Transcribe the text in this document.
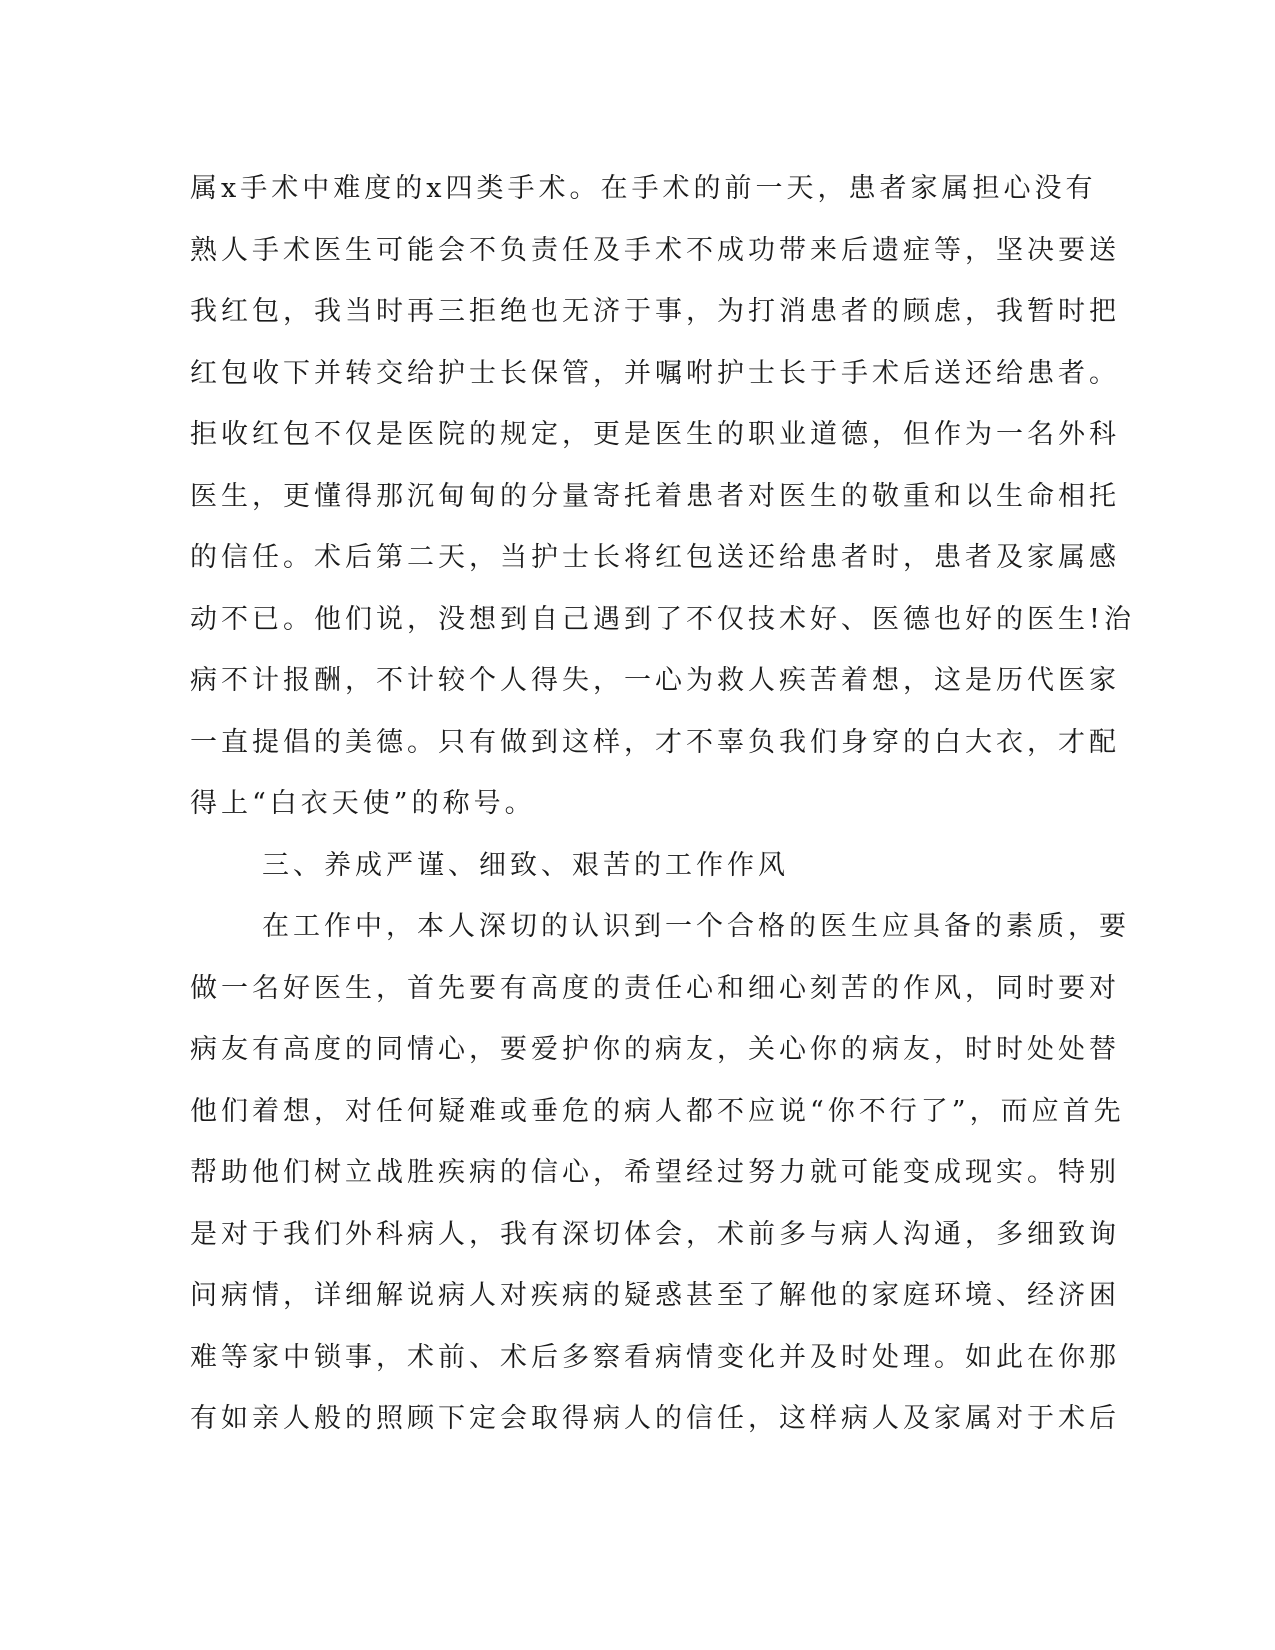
属x手术中难度的x四类手术。在手术的前一天，患者家属担心没有
熟人手术医生可能会不负责任及手术不成功带来后遗症等，坚决要送
我红包，我当时再三拒绝也无济于事，为打消患者的顾虑，我暂时把
红包收下并转交给护士长保管，并嘱咐护士长于手术后送还给患者。
拒收红包不仅是医院的规定，更是医生的职业道德，但作为一名外科
医生，更懂得那沉甸甸的分量寄托着患者对医生的敬重和以生命相托
的信任。术后第二天，当护士长将红包送还给患者时，患者及家属感
动不已。他们说，没想到自己遇到了不仅技术好、医德也好的医生!治
病不计报酬，不计较个人得失，一心为救人疾苦着想，这是历代医家
一直提倡的美德。只有做到这样，才不辜负我们身穿的白大衣，才配
得上“白衣天使”的称号。
三、养成严谨、细致、艰苦的工作作风
在工作中，本人深切的认识到一个合格的医生应具备的素质，要
做一名好医生，首先要有高度的责任心和细心刻苦的作风，同时要对
病友有高度的同情心，要爱护你的病友，关心你的病友，时时处处替
他们着想，对任何疑难或垂危的病人都不应说“你不行了”，而应首先
帮助他们树立战胜疾病的信心，希望经过努力就可能变成现实。特别
是对于我们外科病人，我有深切体会，术前多与病人沟通，多细致询
问病情，详细解说病人对疾病的疑惑甚至了解他的家庭环境、经济困
难等家中锁事，术前、术后多察看病情变化并及时处理。如此在你那
有如亲人般的照顾下定会取得病人的信任，这样病人及家属对于术后
